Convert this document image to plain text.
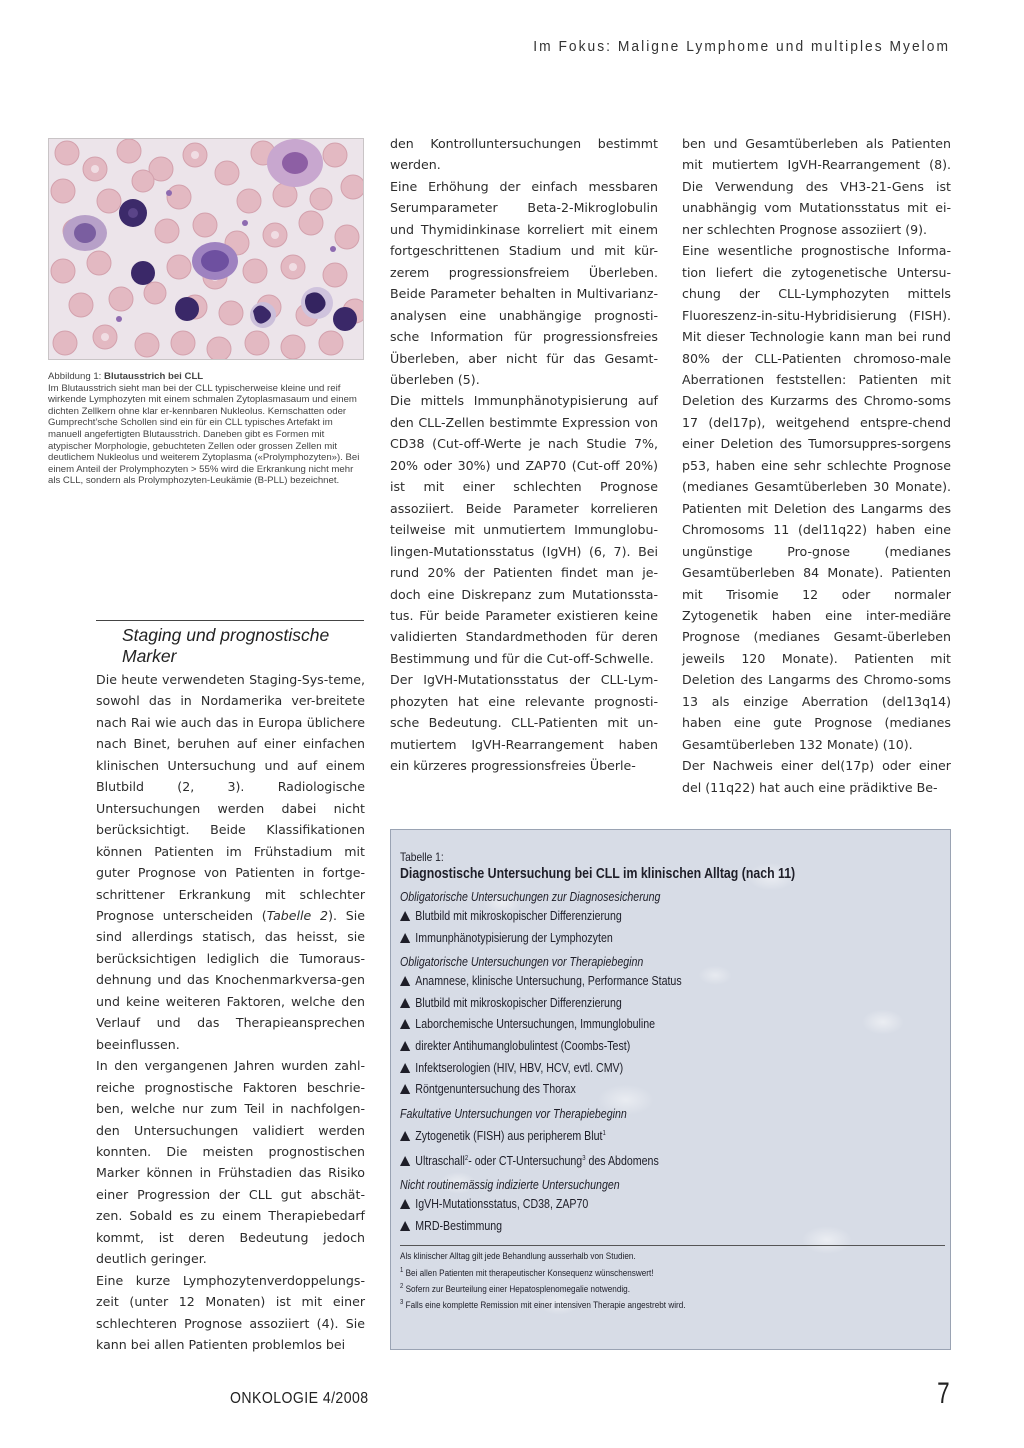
Im Fokus: Maligne Lymphome und multiples Myelom
Abbildung 1: Blutausstrich bei CLL
Im Blutausstrich sieht man bei der CLL typischerweise kleine und reif wirkende Lymphozyten mit einem schmalen Zytoplasmasaum und einem dichten Zellkern ohne klar er-kennbaren Nukleolus. Kernschatten oder Gumprecht’sche Schollen sind ein für ein CLL typisches Artefakt im manuell angefertigten Blutausstrich. Daneben gibt es Formen mit atypischer Morphologie, gebuchteten Zellen oder grossen Zellen mit deutlichem Nukleolus und weiterem Zytoplasma («Prolymphozyten»). Bei einem Anteil der Prolymphozyten > 55% wird die Erkrankung nicht mehr als CLL, sondern als Prolymphozyten-Leukämie (B-PLL) bezeichnet.
Staging und prognostische Marker

Die heute verwendeten Staging-Sys-teme, sowohl das in Nordamerika ver-breitete nach Rai wie auch das in Europa üblichere nach Binet, beruhen auf einer einfachen klinischen Untersuchung und auf einem Blutbild (2, 3). Radiologische Untersuchungen werden dabei nicht berücksichtigt. Beide Klassifikationen können Patienten im Frühstadium mit guter Prognose von Patienten in fortge-schrittener Erkrankung mit schlechter Prognose unterscheiden (Tabelle 2). Sie sind allerdings statisch, das heisst, sie berücksichtigen lediglich die Tumoraus-dehnung und das Knochenmarkversa-gen und keine weiteren Faktoren, welche den Verlauf und das Therapieansprechen beeinflussen.

In den vergangenen Jahren wurden zahl-reiche prognostische Faktoren beschrie-ben, welche nur zum Teil in nachfolgen-den Untersuchungen validiert werden konnten. Die meisten prognostischen Marker können in Frühstadien das Risiko einer Progression der CLL gut abschät-zen. Sobald es zu einem Therapiebedarf kommt, ist deren Bedeutung jedoch deutlich geringer.

Eine kurze Lymphozytenverdoppelungs-zeit (unter 12 Monaten) ist mit einer schlechteren Prognose assoziiert (4). Sie kann bei allen Patienten problemlos bei

den Kontrolluntersuchungen bestimmt werden.

Eine Erhöhung der einfach messbaren Serumparameter Beta-2-Mikroglobulin und Thymidinkinase korreliert mit einem fortgeschrittenen Stadium und mit kür-zerem progressionsfreiem Überleben. Beide Parameter behalten in Multivarianz-analysen eine unabhängige prognosti-sche Information für progressionsfreies Überleben, aber nicht für das Gesamt-überleben (5).

Die mittels Immunphänotypisierung auf den CLL-Zellen bestimmte Expression von CD38 (Cut-off-Werte je nach Studie 7%, 20% oder 30%) und ZAP70 (Cut-off 20%) ist mit einer schlechten Prognose assoziiert. Beide Parameter korrelieren teilweise mit unmutiertem Immunglobu-lingen-Mutationsstatus (IgVH) (6, 7). Bei rund 20% der Patienten findet man je-doch eine Diskrepanz zum Mutationssta-tus. Für beide Parameter existieren keine validierten Standardmethoden für deren Bestimmung und für die Cut-off-Schwelle.

Der IgVH-Mutationsstatus der CLL-Lym-phozyten hat eine relevante prognosti-sche Bedeutung. CLL-Patienten mit un-mutiertem IgVH-Rearrangement haben ein kürzeres progressionsfreies Überle-

ben und Gesamtüberleben als Patienten mit mutiertem IgVH-Rearrangement (8). Die Verwendung des VH3-21-Gens ist unabhängig vom Mutationsstatus mit ei-ner schlechten Prognose assoziiert (9).

Eine wesentliche prognostische Informa-tion liefert die zytogenetische Untersu-chung der CLL-Lymphozyten mittels Fluoreszenz-in-situ-Hybridisierung (FISH). Mit dieser Technologie kann man bei rund 80% der CLL-Patienten chromoso-male Aberrationen feststellen: Patienten mit Deletion des Kurzarms des Chromo-soms 17 (del17p), weitgehend entspre-chend einer Deletion des Tumorsuppres-sorgens p53, haben eine sehr schlechte Prognose (medianes Gesamtüberleben 30 Monate). Patienten mit Deletion des Langarms des Chromosoms 11 (del11q22) haben eine ungünstige Pro-gnose (medianes Gesamtüberleben 84 Monate). Patienten mit Trisomie 12 oder normaler Zytogenetik haben eine inter-mediäre Prognose (medianes Gesamt-überleben jeweils 120 Monate). Patienten mit Deletion des Langarms des Chromo-soms 13 als einzige Aberration (del13q14) haben eine gute Prognose (medianes Gesamtüberleben 132 Monate) (10).

Der Nachweis einer del(17p) oder einer del (11q22) hat auch eine prädiktive Be-

Tabelle 1:
Diagnostische Untersuchung bei CLL im klinischen Alltag (nach 11)
Obligatorische Untersuchungen zur Diagnosesicherung
Blutbild mit mikroskopischer Differenzierung
Immunphänotypisierung der Lymphozyten
Obligatorische Untersuchungen vor Therapiebeginn
Anamnese, klinische Untersuchung, Performance Status
Blutbild mit mikroskopischer Differenzierung
Laborchemische Untersuchungen, Immunglobuline
direkter Antihumanglobulintest (Coombs-Test)
Infektserologien (HIV, HBV, HCV, evtl. CMV)
Röntgenuntersuchung des Thorax
Fakultative Untersuchungen vor Therapiebeginn
Zytogenetik (FISH) aus peripherem Blut$^1$
Ultraschall$^2$- oder CT-Untersuchung$^3$ des Abdomens
Nicht routinemässig indizierte Untersuchungen
IgVH-Mutationsstatus, CD38, ZAP70
MRD-Bestimmung
Als klinischer Alltag gilt jede Behandlung ausserhalb von Studien.
$^1$ Bei allen Patienten mit therapeutischer Konsequenz wünschenswert!
$^2$ Sofern zur Beurteilung einer Hepatosplenomegalie notwendig.
$^3$ Falls eine komplette Remission mit einer intensiven Therapie angestrebt wird.
ONKOLOGIE 4/2008	7
